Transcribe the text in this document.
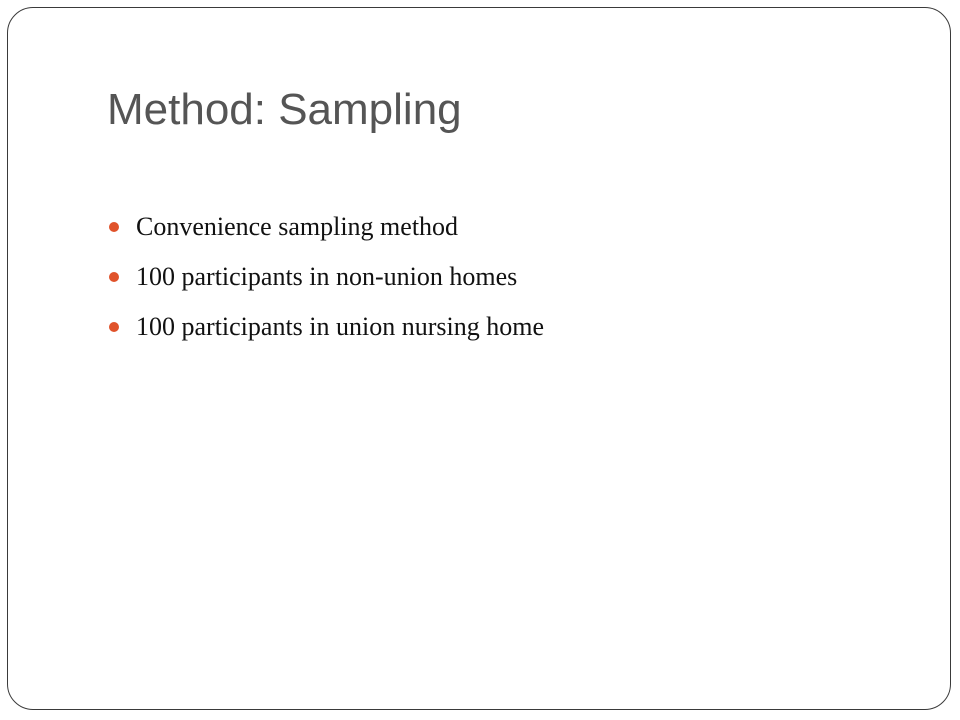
Method: Sampling
Convenience sampling method
100 participants in non-union homes
100 participants in union nursing home
